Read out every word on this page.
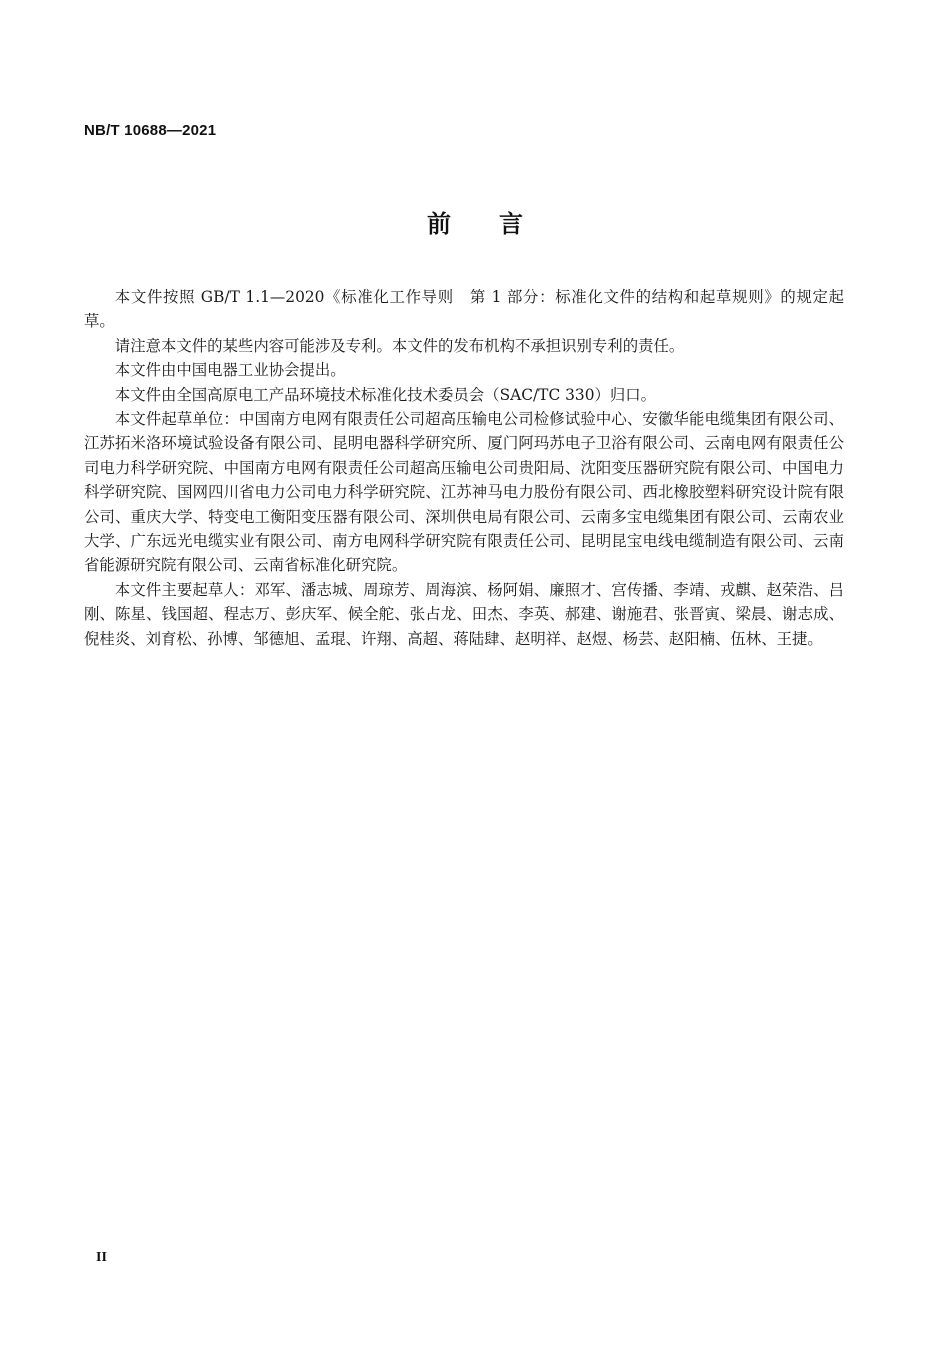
NB/T 10688—2021
前言

本文件按照 GB/T 1.1—2020《标准化工作导则　第 1 部分：标准化文件的结构和起草规则》的规定起草。

请注意本文件的某些内容可能涉及专利。本文件的发布机构不承担识别专利的责任。

本文件由中国电器工业协会提出。

本文件由全国高原电工产品环境技术标准化技术委员会（SAC/TC 330）归口。

本文件起草单位：中国南方电网有限责任公司超高压输电公司检修试验中心、安徽华能电缆集团有限公司、江苏拓米洛环境试验设备有限公司、昆明电器科学研究所、厦门阿玛苏电子卫浴有限公司、云南电网有限责任公司电力科学研究院、中国南方电网有限责任公司超高压输电公司贵阳局、沈阳变压器研究院有限公司、中国电力科学研究院、国网四川省电力公司电力科学研究院、江苏神马电力股份有限公司、西北橡胶塑料研究设计院有限公司、重庆大学、特变电工衡阳变压器有限公司、深圳供电局有限公司、云南多宝电缆集团有限公司、云南农业大学、广东远光电缆实业有限公司、南方电网科学研究院有限责任公司、昆明昆宝电线电缆制造有限公司、云南省能源研究院有限公司、云南省标准化研究院。

本文件主要起草人：邓军、潘志城、周琼芳、周海滨、杨阿娟、廉照才、宫传播、李靖、戎麒、赵荣浩、吕刚、陈星、钱国超、程志万、彭庆军、候全舵、张占龙、田杰、李英、郝建、谢施君、张晋寅、梁晨、谢志成、倪桂炎、刘育松、孙博、邹德旭、孟琨、许翔、高超、蒋陆肆、赵明祥、赵煜、杨芸、赵阳楠、伍林、王捷。

II
